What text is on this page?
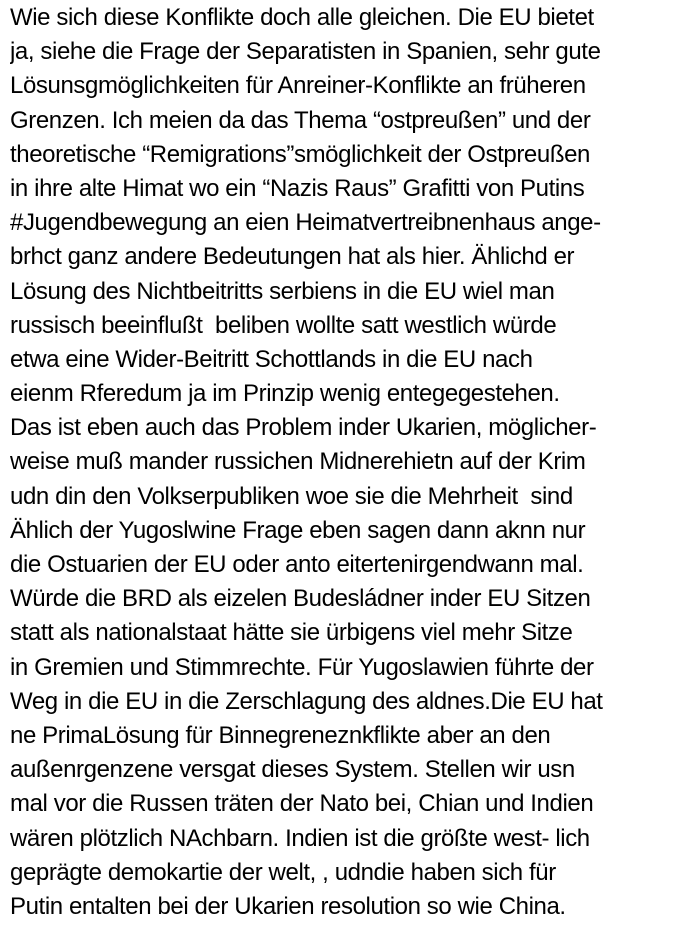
Wie sich diese Konflikte doch alle gleichen. Die EU bietet
ja, siehe die Frage der Separatisten in Spanien, sehr gute
Lösunsgmöglichkeiten für Anreiner-Konflikte an früheren
Grenzen. Ich meien da das Thema “ostpreußen” und der
theoretische “Remigrations”smöglichkeit der Ostpreußen
in ihre alte Himat wo ein “Nazis Raus” Grafitti von Putins
#Jugendbewegung an eien Heimatvertreibnenhaus ange-
brhct ganz andere Bedeutungen hat als hier. Ählichd er
Lösung des Nichtbeitritts serbiens in die EU wiel man
russisch beeinflußt  beliben wollte satt westlich würde
etwa eine Wider-Beitritt Schottlands in die EU nach
eienm Rferedum ja im Prinzip wenig entegegestehen.
Das ist eben auch das Problem inder Ukarien, möglicher-
weise muß mander russichen Midnerehietn auf der Krim
udn din den Volkserpubliken woe sie die Mehrheit  sind
Ählich der Yugoslwine Frage eben sagen dann aknn nur
die Ostuarien der EU oder anto eitertenirgendwann mal.
Würde die BRD als eizelen Budesládner inder EU Sitzen
statt als nationalstaat hätte sie ürbigens viel mehr Sitze
in Gremien und Stimmrechte. Für Yugoslawien führte der
Weg in die EU in die Zerschlagung des aldnes.Die EU hat
ne PrimaLösung für Binnegreneznkflikte aber an den
außenrgenzene versgat dieses System. Stellen wir usn
mal vor die Russen träten der Nato bei, Chian und Indien
wären plötzlich NAchbarn. Indien ist die größte west- lich
geprägte demokartie der welt, , udndie haben sich für
Putin entalten bei der Ukarien resolution so wie China.
